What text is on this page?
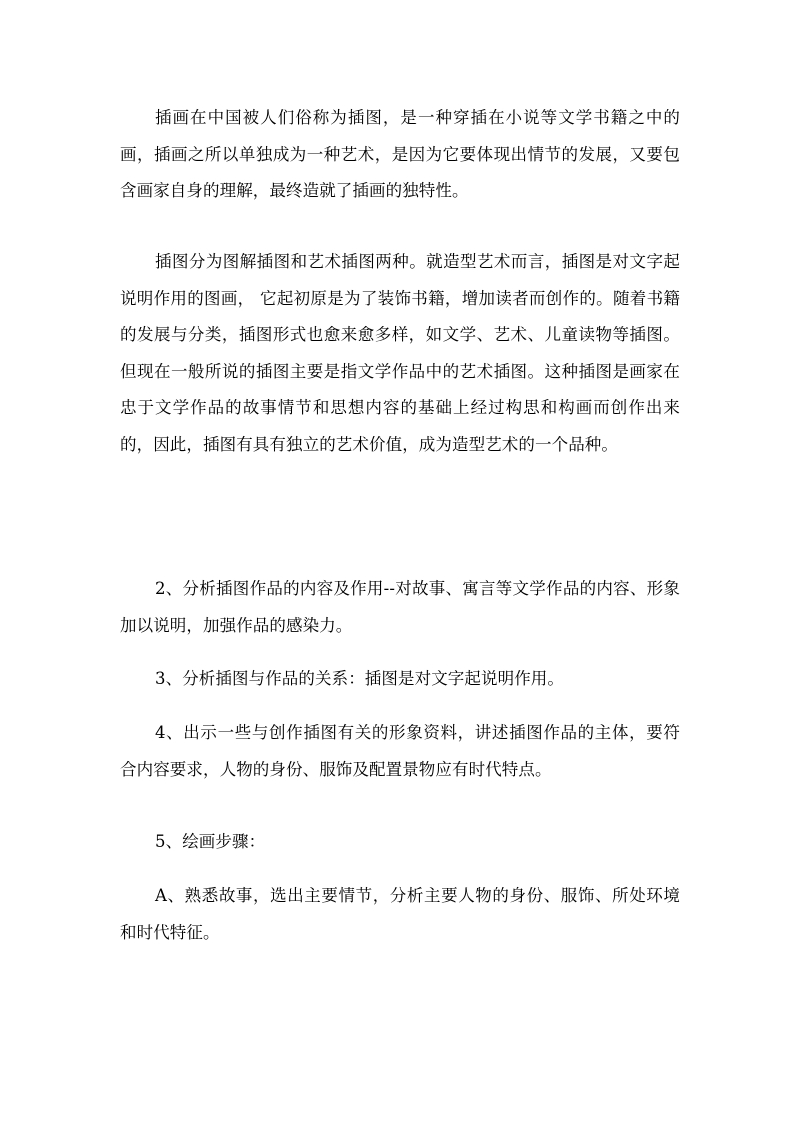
插画在中国被人们俗称为插图，是一种穿插在小说等文学书籍之中的画，插画之所以单独成为一种艺术，是因为它要体现出情节的发展，又要包含画家自身的理解，最终造就了插画的独特性。

插图分为图解插图和艺术插图两种。就造型艺术而言，插图是对文字起说明作用的图画， 它起初原是为了装饰书籍，增加读者而创作的。随着书籍的发展与分类，插图形式也愈来愈多样，如文学、艺术、儿童读物等插图。但现在一般所说的插图主要是指文学作品中的艺术插图。这种插图是画家在忠于文学作品的故事情节和思想内容的基础上经过构思和构画而创作出来的，因此，插图有具有独立的艺术价值，成为造型艺术的一个品种。

2、分析插图作品的内容及作用--对故事、寓言等文学作品的内容、形象加以说明，加强作品的感染力。

3、分析插图与作品的关系：插图是对文字起说明作用。

4、出示一些与创作插图有关的形象资料，讲述插图作品的主体，要符合内容要求，人物的身份、服饰及配置景物应有时代特点。

5、绘画步骤：

A、熟悉故事，选出主要情节，分析主要人物的身份、服饰、所处环境和时代特征。
